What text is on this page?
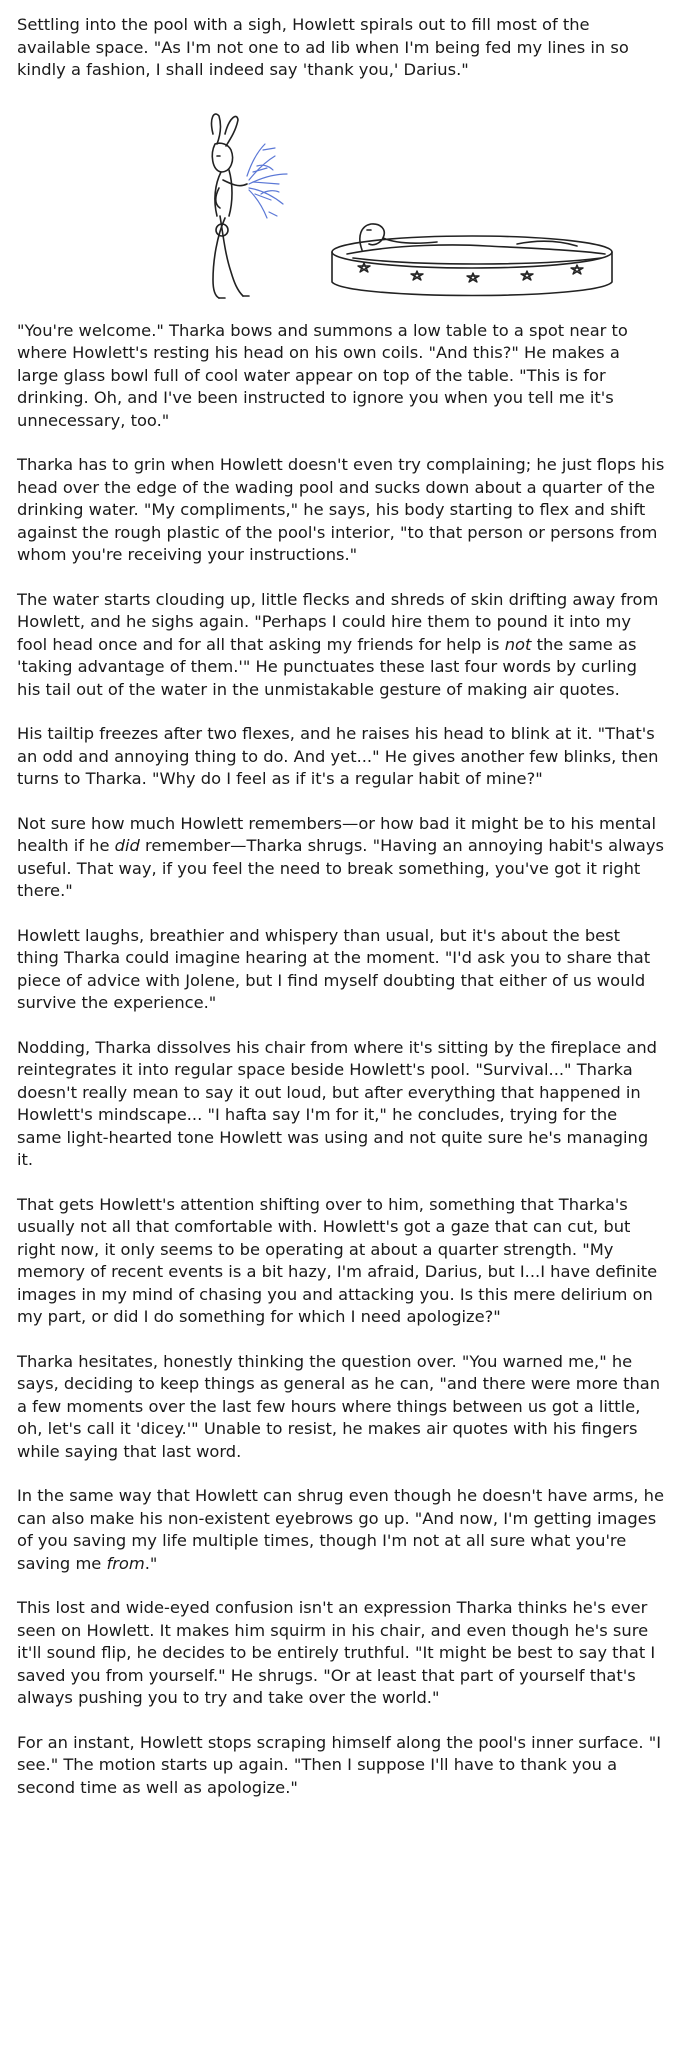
Settling into the pool with a sigh, Howlett spirals out to fill most of the available space. "As I'm not one to ad lib when I'm being fed my lines in so kindly a fashion, I shall indeed say 'thank you,' Darius."

"You're welcome." Tharka bows and summons a low table to a spot near to where Howlett's resting his head on his own coils. "And this?" He makes a large glass bowl full of cool water appear on top of the table. "This is for drinking. Oh, and I've been instructed to ignore you when you tell me it's unnecessary, too."

Tharka has to grin when Howlett doesn't even try complaining; he just flops his head over the edge of the wading pool and sucks down about a quarter of the drinking water. "My compliments," he says, his body starting to flex and shift against the rough plastic of the pool's interior, "to that person or persons from whom you're receiving your instructions."

The water starts clouding up, little flecks and shreds of skin drifting away from Howlett, and he sighs again. "Perhaps I could hire them to pound it into my fool head once and for all that asking my friends for help is not the same as 'taking advantage of them.'" He punctuates these last four words by curling his tail out of the water in the unmistakable gesture of making air quotes.

His tailtip freezes after two flexes, and he raises his head to blink at it. "That's an odd and annoying thing to do. And yet..." He gives another few blinks, then turns to Tharka. "Why do I feel as if it's a regular habit of mine?"

Not sure how much Howlett remembers—or how bad it might be to his mental health if he did remember—Tharka shrugs. "Having an annoying habit's always useful. That way, if you feel the need to break something, you've got it right there."

Howlett laughs, breathier and whispery than usual, but it's about the best thing Tharka could imagine hearing at the moment. "I'd ask you to share that piece of advice with Jolene, but I find myself doubting that either of us would survive the experience."

Nodding, Tharka dissolves his chair from where it's sitting by the fireplace and reintegrates it into regular space beside Howlett's pool. "Survival..." Tharka doesn't really mean to say it out loud, but after everything that happened in Howlett's mindscape... "I hafta say I'm for it," he concludes, trying for the same light-hearted tone Howlett was using and not quite sure he's managing it.

That gets Howlett's attention shifting over to him, something that Tharka's usually not all that comfortable with. Howlett's got a gaze that can cut, but right now, it only seems to be operating at about a quarter strength. "My memory of recent events is a bit hazy, I'm afraid, Darius, but I...I have definite images in my mind of chasing you and attacking you. Is this mere delirium on my part, or did I do something for which I need apologize?"

Tharka hesitates, honestly thinking the question over. "You warned me," he says, deciding to keep things as general as he can, "and there were more than a few moments over the last few hours where things between us got a little, oh, let's call it 'dicey.'" Unable to resist, he makes air quotes with his fingers while saying that last word.

In the same way that Howlett can shrug even though he doesn't have arms, he can also make his non-existent eyebrows go up. "And now, I'm getting images of you saving my life multiple times, though I'm not at all sure what you're saving me from."

This lost and wide-eyed confusion isn't an expression Tharka thinks he's ever seen on Howlett. It makes him squirm in his chair, and even though he's sure it'll sound flip, he decides to be entirely truthful. "It might be best to say that I saved you from yourself." He shrugs. "Or at least that part of yourself that's always pushing you to try and take over the world."

For an instant, Howlett stops scraping himself along the pool's inner surface. "I see." The motion starts up again. "Then I suppose I'll have to thank you a second time as well as apologize."
